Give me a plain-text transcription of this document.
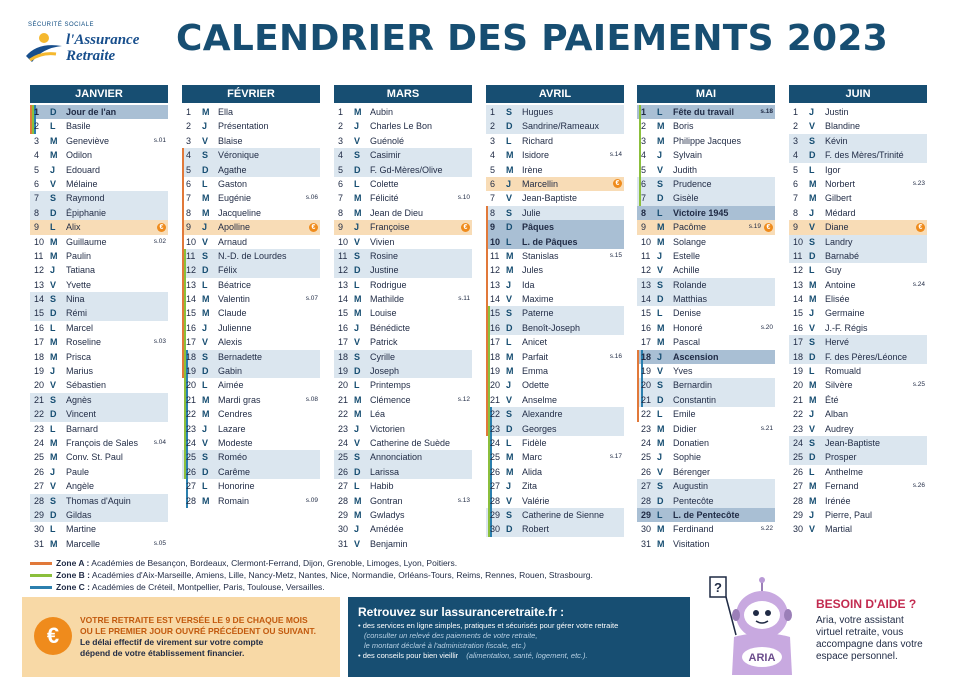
SÉCURITÉ SOCIALE
l'Assurance
Retraite	CALENDRIER DES PAIEMENTS 2023
JANVIER
1	D	Jour de l'an
2	L	Basile
3	M Geneviève	s.01
4	M Odilon
5	J	Edouard
6	V	Mélaine
7	S	Raymond
8	D	Épiphanie
9	L	Alix	€
10 M Guillaume	s.02
11 M Paulin
12 J	Tatiana
13 V	Yvette
14 S	Nina
15 D	Rémi
16 L	Marcel
17 M Roseline	s.03
18 M Prisca
19 J	Marius
20 V	Sébastien
21 S	Agnès
22 D	Vincent
23 L	Barnard
24 M François de Sales s.04
25 M Conv. St. Paul
26 J	Paule
27 V	Angèle
28 S	Thomas d'Aquin
29 D	Gildas
30 L	Martine
31 M Marcelle	s.05
FÉVRIER
1	M Ella
2	J	Présentation
3	V	Blaise
4	S	Véronique
5	D	Agathe
6	L	Gaston
7	M Eugénie	s.06
8	M Jacqueline
9	J	Apolline	€
10 V	Arnaud
11 S	N.-D. de Lourdes
12 D	Félix
13 L	Béatrice
14 M Valentin	s.07
15 M Claude
16 J	Julienne
17 V	Alexis
18 S	Bernadette
19 D	Gabin
20 L	Aimée
21 M Mardi gras	s.08
22 M Cendres
23 J	Lazare
24 V	Modeste
25 S	Roméo
26 D	Carême
27 L	Honorine
28 M Romain	s.09
MARS
1	M Aubin
2	J	Charles Le Bon
3	V	Guénolé
4	S	Casimir
5	D	F. Gd-Mères/Olive
6	L	Colette
7	M Félicité	s.10
8	M Jean de Dieu
9	J	Françoise	€
10 V	Vivien
11 S	Rosine
12 D	Justine
13 L	Rodrigue
14 M Mathilde	s.11
15 M Louise
16 J	Bénédicte
17 V	Patrick
18 S	Cyrille
19 D	Joseph
20 L	Printemps
21 M Clémence	s.12
22 M Léa
23 J	Victorien
24 V	Catherine de Suède
25 S	Annonciation
26 D	Larissa
27 L	Habib
28 M Gontran	s.13
29 M Gwladys
30 J	Amédée
31 V	Benjamin
AVRIL
1	S	Hugues
2	D	Sandrine/Rameaux
3	L	Richard
4	M Isidore	s.14
5	M Irène
6	J	Marcellin	€
7	V	Jean-Baptiste
8	S	Julie
9	D	Pâques
10 L	L. de Pâques
11 M Stanislas	s.15
12 M Jules
13 J	Ida
14 V	Maxime
15 S	Paterne
16 D	Benoît-Joseph
17 L	Anicet
18 M Parfait	s.16
19 M Emma
20 J	Odette
21 V	Anselme
22 S	Alexandre
23 D	Georges
24 L	Fidèle
25 M Marc	s.17
26 M Alida
27 J	Zita
28 V	Valérie
29 S	Catherine de Sienne
30 D	Robert
MAI
1	L	Fête du travail	s.18
2	M Boris
3	M Philippe Jacques
4	J	Sylvain
5	V	Judith
6	S	Prudence
7	D	Gisèle
8	L	Victoire 1945
9	M Pacôme	s.19 €
10 M Solange
11 J	Estelle
12 V	Achille
13 S	Rolande
14 D	Matthias
15 L	Denise
16 M Honoré	s.20
17 M Pascal
18 J	Ascension
19 V	Yves
20 S	Bernardin
21 D	Constantin
22 L	Emile
23 M Didier	s.21
24 M Donatien
25 J	Sophie
26 V	Bérenger
27 S	Augustin
28 D	Pentecôte
29 L	L. de Pentecôte
30 M Ferdinand	s.22
31 M Visitation
JUIN
1	J	Justin
2	V	Blandine
3	S	Kévin
4	D	F. des Mères/Trinité
5	L	Igor
6	M Norbert	s.23
7	M Gilbert
8	J	Médard
9	V	Diane	€
10 S	Landry
11 D	Barnabé
12 L	Guy
13 M Antoine	s.24
14 M Elisée
15 J	Germaine
16 V	J.-F. Régis
17 S	Hervé
18 D	F. des Pères/Léonce
19 L	Romuald
20 M Silvère	s.25
21 M Été
22 J	Alban
23 V	Audrey
24 S	Jean-Baptiste
25 D	Prosper
26 L	Anthelme
27 M Fernand	s.26
28 M Irénée
29 J	Pierre, Paul
30 V	Martial
Zone A : Académies de Besançon, Bordeaux, Clermont-Ferrand, Dijon, Grenoble, Limoges, Lyon, Poitiers.
Zone B : Académies d'Aix-Marseille, Amiens, Lille, Nancy-Metz, Nantes, Nice, Normandie, Orléans-Tours, Reims, Rennes, Rouen, Strasbourg.
Zone C : Académies de Créteil, Montpellier, Paris, Toulouse, Versailles.
€
VOTRE RETRAITE EST VERSÉE LE 9 DE CHAQUE MOIS
OU LE PREMIER JOUR OUVRÉ PRÉCÉDENT OU SUIVANT.
Le délai effectif de virement sur votre compte
dépend de votre établissement financier.
Retrouvez sur lassuranceretraite.fr :
• des services en ligne simples, pratiques et sécurisés pour gérer votre retraite
(consulter un relevé des paiements de votre retraite,
le montant déclaré à l'administration fiscale, etc.)
• des conseils pour bien vieillir (alimentation, santé, logement, etc.).
?
ARIA
BESOIN D'AIDE ?
Aria, votre assistant
virtuel retraite, vous
accompagne dans votre
espace personnel.
